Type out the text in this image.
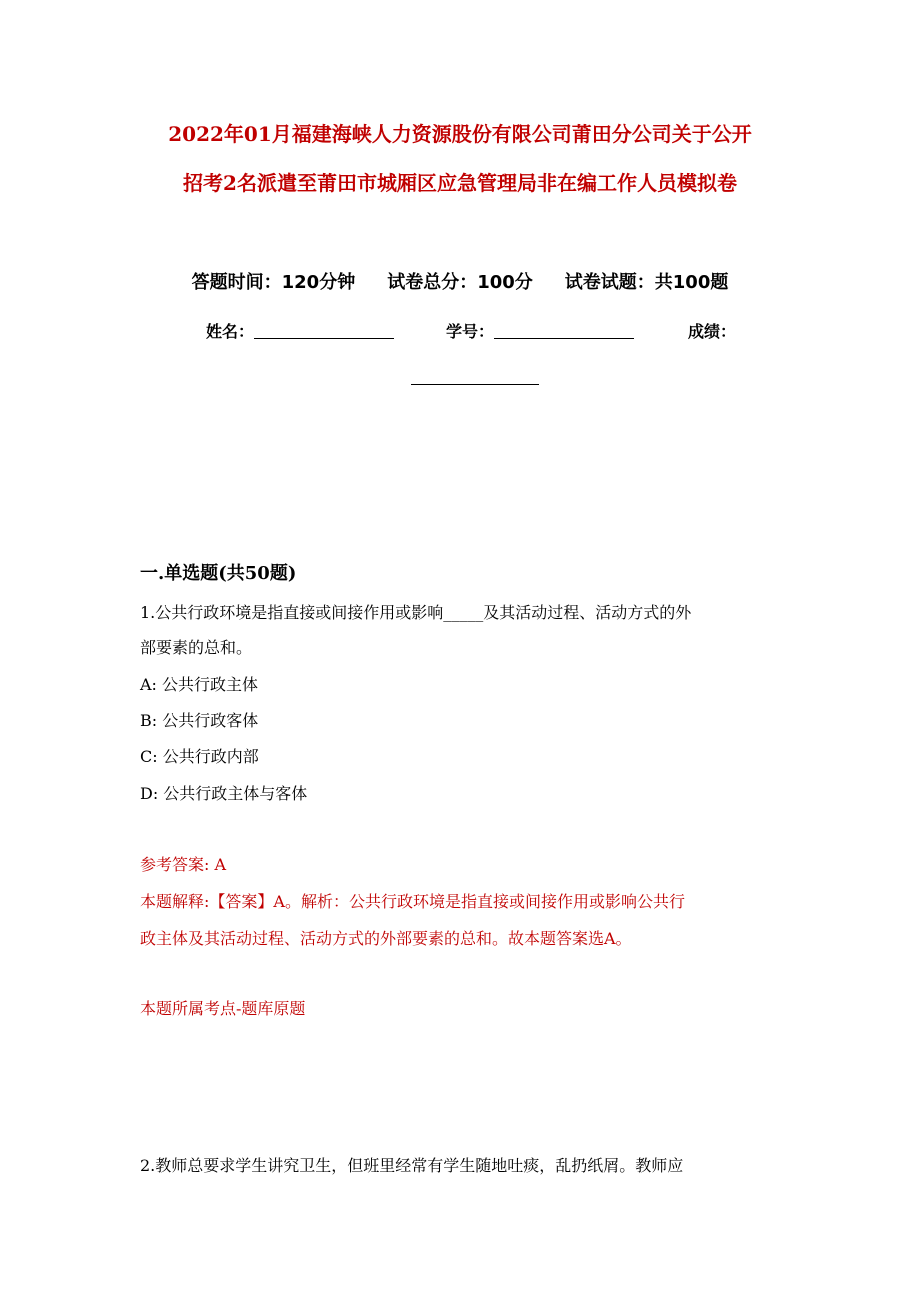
2022年01月福建海峡人力资源股份有限公司莆田分公司关于公开
招考2名派遣至莆田市城厢区应急管理局非在编工作人员模拟卷
答题时间：120分钟 试卷总分：100分 试卷试题：共100题
姓名：	学号：	成绩：
一.单选题(共50题)
1.公共行政环境是指直接或间接作用或影响_____及其活动过程、活动方式的外
部要素的总和。
A: 公共行政主体
B: 公共行政客体
C: 公共行政内部
D: 公共行政主体与客体
参考答案: A
本题解释:【答案】A。解析：公共行政环境是指直接或间接作用或影响公共行
政主体及其活动过程、活动方式的外部要素的总和。故本题答案选A。
本题所属考点-题库原题
2.教师总要求学生讲究卫生，但班里经常有学生随地吐痰，乱扔纸屑。教师应
